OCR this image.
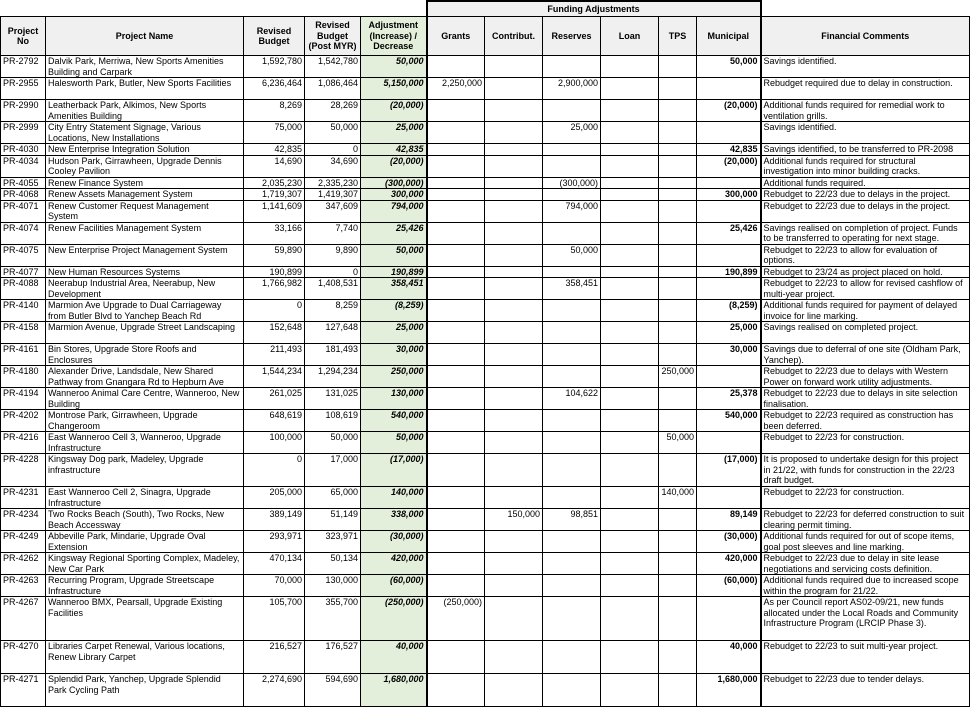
					Funding Adjustments						
Project No	Project Name	Revised Budget	Revised Budget (Post MYR)	Adjustment (Increase) / Decrease	Grants	Contribut.	Reserves	Loan	TPS	Municipal	Financial Comments
PR-2792	Dalvik Park, Merriwa, New Sports Amenities Building and Carpark	1,592,780	1,542,780	50,000						50,000	Savings identified.
PR-2955	Halesworth Park, Butler, New Sports Facilities	6,236,464	1,086,464	5,150,000	2,250,000		2,900,000				Rebudget required due to delay in construction.
PR-2990	Leatherback Park, Alkimos, New Sports Amenities Building	8,269	28,269	(20,000)						(20,000)	Additional funds required for remedial work to ventilation grills.
PR-2999	City Entry Statement Signage, Various Locations, New Installations	75,000	50,000	25,000			25,000				Savings identified.
PR-4030	New Enterprise Integration Solution	42,835	0	42,835						42,835	Savings identified, to be transferred to PR-2098
PR-4034	Hudson Park, Girrawheen, Upgrade Dennis Cooley Pavilion	14,690	34,690	(20,000)						(20,000)	Additional funds required for structural investigation into minor building cracks.
PR-4055	Renew Finance System	2,035,230	2,335,230	(300,000)			(300,000)				Additional funds required.
PR-4068	Renew Assets Management System	1,719,307	1,419,307	300,000						300,000	Rebudget to 22/23 due to delays in the project.
PR-4071	Renew Customer Request Management System	1,141,609	347,609	794,000			794,000				Rebudget to 22/23 due to delays in the project.
PR-4074	Renew Facilities Management System	33,166	7,740	25,426						25,426	Savings realised on completion of project. Funds to be transferred to operating for next stage.
PR-4075	New Enterprise Project Management System	59,890	9,890	50,000			50,000				Rebudget to 22/23 to allow for evaluation of options.
PR-4077	New Human Resources Systems	190,899	0	190,899						190,899	Rebudget to 23/24 as project placed on hold.
PR-4088	Neerabup Industrial Area, Neerabup, New Development	1,766,982	1,408,531	358,451			358,451				Rebudget to 22/23 to allow for revised cashflow of multi-year project.
PR-4140	Marmion Ave Upgrade to Dual Carriageway from Butler Blvd to Yanchep Beach Rd	0	8,259	(8,259)						(8,259)	Additional funds required for payment of delayed invoice for line marking.
PR-4158	Marmion Avenue, Upgrade Street Landscaping	152,648	127,648	25,000						25,000	Savings realised on completed project.
PR-4161	Bin Stores, Upgrade Store Roofs and Enclosures	211,493	181,493	30,000						30,000	Savings due to deferral of one site (Oldham Park, Yanchep).
PR-4180	Alexander Drive, Landsdale, New Shared Pathway from Gnangara Rd to Hepburn Ave	1,544,234	1,294,234	250,000					250,000		Rebudget to 22/23 due to delays with Western Power on forward work utility adjustments.
PR-4194	Wanneroo Animal Care Centre, Wanneroo, New Building	261,025	131,025	130,000			104,622			25,378	Rebudget to 22/23 due to delays in site selection finalisation.
PR-4202	Montrose Park, Girrawheen, Upgrade Changeroom	648,619	108,619	540,000						540,000	Rebudget to 22/23 required as construction has been deferred.
PR-4216	East Wanneroo Cell 3, Wanneroo, Upgrade Infrastructure	100,000	50,000	50,000					50,000		Rebudget to 22/23 for construction.
PR-4228	Kingsway Dog park, Madeley, Upgrade infrastructure	0	17,000	(17,000)						(17,000)	It is proposed to undertake design for this project in 21/22, with funds for construction in the 22/23 draft budget.
PR-4231	East Wanneroo Cell 2, Sinagra, Upgrade Infrastructure	205,000	65,000	140,000					140,000		Rebudget to 22/23 for construction.
PR-4234	Two Rocks Beach (South), Two Rocks, New Beach Accessway	389,149	51,149	338,000		150,000	98,851			89,149	Rebudget to 22/23 for deferred construction to suit clearing permit timing.
PR-4249	Abbeville Park, Mindarie, Upgrade Oval Extension	293,971	323,971	(30,000)						(30,000)	Additional funds required for out of scope items, goal post sleeves and line marking.
PR-4262	Kingsway Regional Sporting Complex, Madeley, New Car Park	470,134	50,134	420,000						420,000	Rebudget to 22/23 due to delay in site lease negotiations and servicing costs definition.
PR-4263	Recurring Program, Upgrade Streetscape Infrastructure	70,000	130,000	(60,000)						(60,000)	Additional funds required due to increased scope within the program for 21/22.
PR-4267	Wanneroo BMX, Pearsall, Upgrade Existing Facilities	105,700	355,700	(250,000)	(250,000)						As per Council report AS02-09/21, new funds allocated under the Local Roads and Community Infrastructure Program (LRCIP Phase 3).
PR-4270	Libraries Carpet Renewal, Various locations, Renew Library Carpet	216,527	176,527	40,000						40,000	Rebudget to 22/23 to suit multi-year project.
PR-4271	Splendid Park, Yanchep, Upgrade Splendid Park Cycling Path	2,274,690	594,690	1,680,000						1,680,000	Rebudget to 22/23 due to tender delays.
